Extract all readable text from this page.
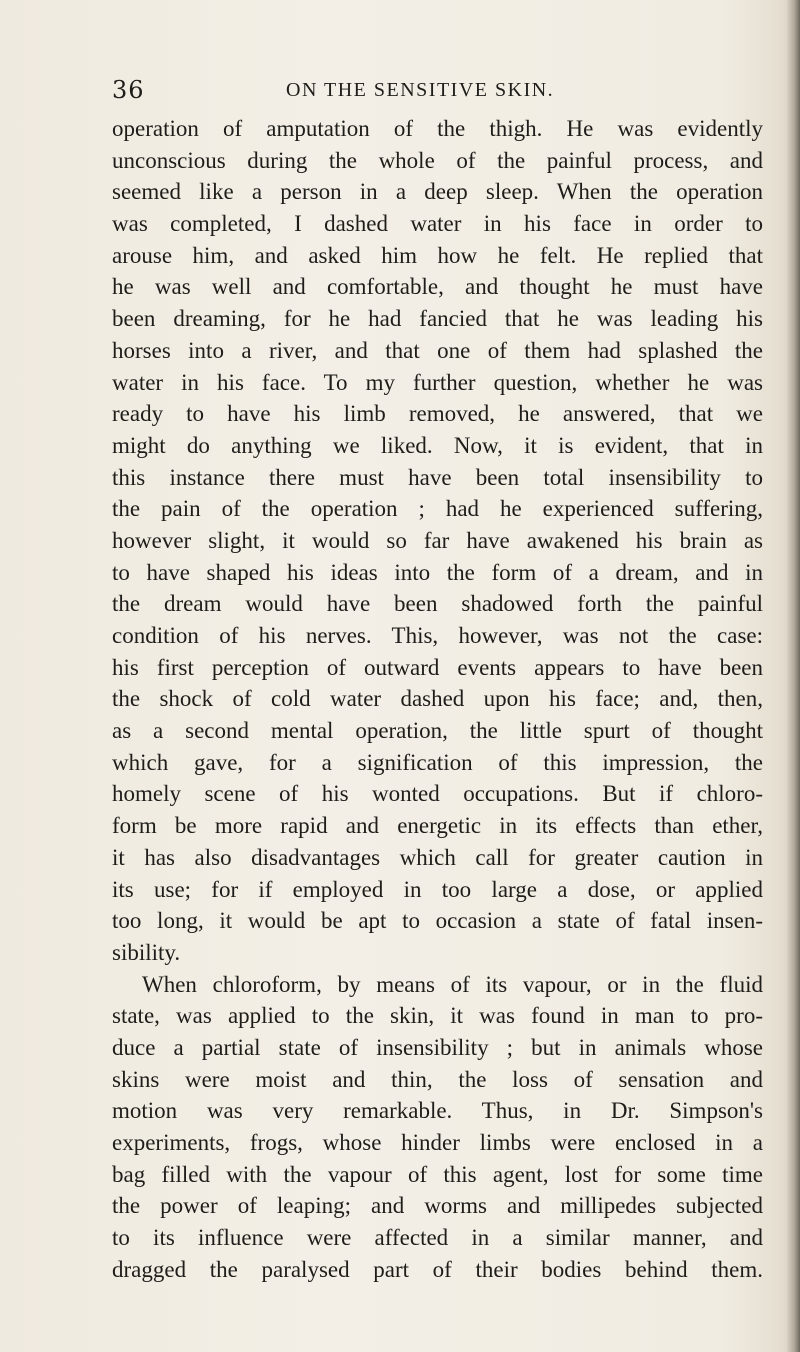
36	ON THE SENSITIVE SKIN.
operation of amputation of the thigh. He was evidently
unconscious during the whole of the painful process, and
seemed like a person in a deep sleep. When the operation
was completed, I dashed water in his face in order to
arouse him, and asked him how he felt. He replied that
he was well and comfortable, and thought he must have
been dreaming, for he had fancied that he was leading his
horses into a river, and that one of them had splashed the
water in his face. To my further question, whether he was
ready to have his limb removed, he answered, that we
might do anything we liked. Now, it is evident, that in
this instance there must have been total insensibility to
the pain of the operation ; had he experienced suffering,
however slight, it would so far have awakened his brain as
to have shaped his ideas into the form of a dream, and in
the dream would have been shadowed forth the painful
condition of his nerves. This, however, was not the case:
his first perception of outward events appears to have been
the shock of cold water dashed upon his face; and, then,
as a second mental operation, the little spurt of thought
which gave, for a signification of this impression, the
homely scene of his wonted occupations. But if chloro-
form be more rapid and energetic in its effects than ether,
it has also disadvantages which call for greater caution in
its use; for if employed in too large a dose, or applied
too long, it would be apt to occasion a state of fatal insen-
sibility.
When chloroform, by means of its vapour, or in the fluid
state, was applied to the skin, it was found in man to pro-
duce a partial state of insensibility ; but in animals whose
skins were moist and thin, the loss of sensation and
motion was very remarkable. Thus, in Dr. Simpson's
experiments, frogs, whose hinder limbs were enclosed in a
bag filled with the vapour of this agent, lost for some time
the power of leaping; and worms and millipedes subjected
to its influence were affected in a similar manner, and
dragged the paralysed part of their bodies behind them.
